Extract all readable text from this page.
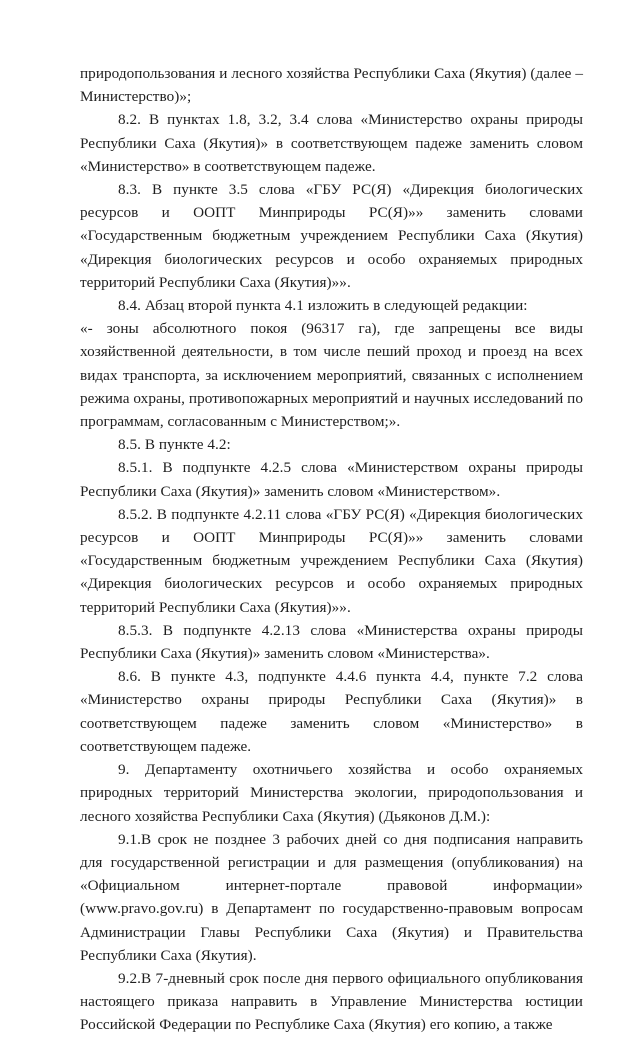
природопользования и лесного хозяйства Республики Саха (Якутия) (далее – Министерство)»;

8.2. В пунктах 1.8, 3.2, 3.4 слова «Министерство охраны природы Республики Саха (Якутия)» в соответствующем падеже заменить словом «Министерство» в соответствующем падеже.

8.3. В пункте 3.5 слова «ГБУ РС(Я) «Дирекция биологических ресурсов и ООПТ Минприроды РС(Я)»» заменить словами «Государственным бюджетным учреждением Республики Саха (Якутия) «Дирекция биологических ресурсов и особо охраняемых природных территорий Республики Саха (Якутия)»».

8.4. Абзац второй пункта 4.1 изложить в следующей редакции:

«- зоны абсолютного покоя (96317 га), где запрещены все виды хозяйственной деятельности, в том числе пеший проход и проезд на всех видах транспорта, за исключением мероприятий, связанных с исполнением режима охраны, противопожарных мероприятий и научных исследований по программам, согласованным с Министерством;».

8.5. В пункте 4.2:

8.5.1. В подпункте 4.2.5 слова «Министерством охраны природы Республики Саха (Якутия)» заменить словом «Министерством».

8.5.2. В подпункте 4.2.11 слова «ГБУ РС(Я) «Дирекция биологических ресурсов и ООПТ Минприроды РС(Я)»» заменить словами «Государственным бюджетным учреждением Республики Саха (Якутия) «Дирекция биологических ресурсов и особо охраняемых природных территорий Республики Саха (Якутия)»».

8.5.3. В подпункте 4.2.13 слова «Министерства охраны природы Республики Саха (Якутия)» заменить словом «Министерства».

8.6. В пункте 4.3, подпункте 4.4.6 пункта 4.4, пункте 7.2 слова «Министерство охраны природы Республики Саха (Якутия)» в соответствующем падеже заменить словом «Министерство» в соответствующем падеже.

9. Департаменту охотничьего хозяйства и особо охраняемых природных территорий Министерства экологии, природопользования и лесного хозяйства Республики Саха (Якутия) (Дьяконов Д.М.):

9.1.В срок не позднее 3 рабочих дней со дня подписания направить для государственной регистрации и для размещения (опубликования) на «Официальном интернет-портале правовой информации» (www.pravo.gov.ru) в Департамент по государственно-правовым вопросам Администрации Главы Республики Саха (Якутия) и Правительства Республики Саха (Якутия).

9.2.В 7-дневный срок после дня первого официального опубликования настоящего приказа направить в Управление Министерства юстиции Российской Федерации по Республике Саха (Якутия) его копию, а также
